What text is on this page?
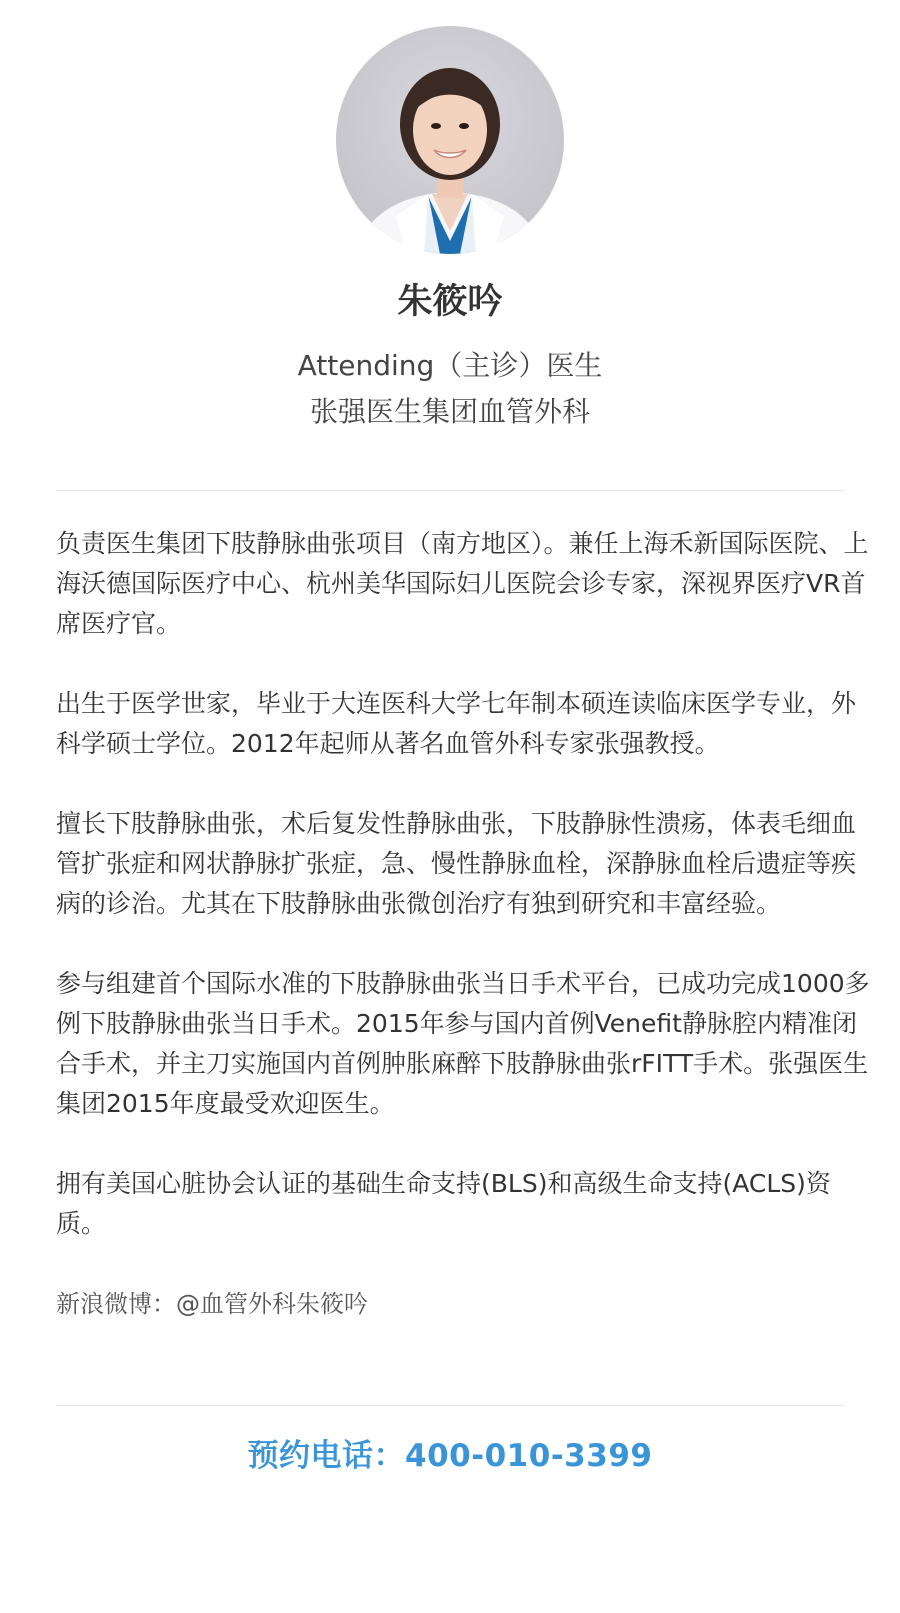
朱筱吟
Attending（主诊）医生
张强医生集团血管外科

负责医生集团下肢静脉曲张项目（南方地区）。兼任上海禾新国际医院、上海沃德国际医疗中心、杭州美华国际妇儿医院会诊专家，深视界医疗VR首席医疗官。

出生于医学世家，毕业于大连医科大学七年制本硕连读临床医学专业，外科学硕士学位。2012年起师从著名血管外科专家张强教授。

擅长下肢静脉曲张，术后复发性静脉曲张，下肢静脉性溃疡，体表毛细血管扩张症和网状静脉扩张症，急、慢性静脉血栓，深静脉血栓后遗症等疾病的诊治。尤其在下肢静脉曲张微创治疗有独到研究和丰富经验。

参与组建首个国际水准的下肢静脉曲张当日手术平台，已成功完成1000多例下肢静脉曲张当日手术。2015年参与国内首例Venefit静脉腔内精准闭合手术，并主刀实施国内首例肿胀麻醉下肢静脉曲张rFITT手术。张强医生集团2015年度最受欢迎医生。

拥有美国心脏协会认证的基础生命支持(BLS)和高级生命支持(ACLS)资质。

新浪微博：@血管外科朱筱吟

预约电话：400-010-3399
